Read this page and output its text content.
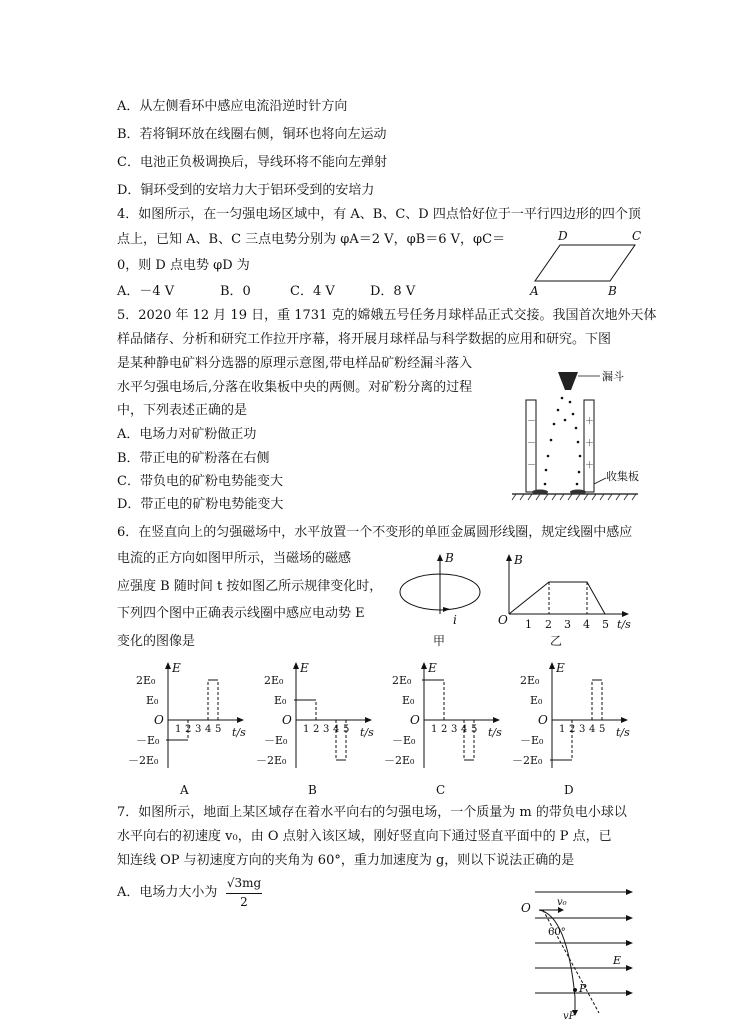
A．从左侧看环中感应电流沿逆时针方向
B．若将铜环放在线圈右侧，铜环也将向左运动
C．电池正负极调换后，导线环将不能向左弹射
D．铜环受到的安培力大于铝环受到的安培力
4．如图所示，在一匀强电场区域中，有 A、B、C、D 四点恰好位于一平行四边形的四个顶
点上，已知 A、B、C 三点电势分别为 φA＝2 V，φB＝6 V，φC＝
0，则 D 点电势 φD 为
A．－4 V	B．0	C．4 V	D．8 V
D	C
A	B
5．2020 年 12 月 19 日，重 1731 克的嫦娥五号任务月球样品正式交接。我国首次地外天体
样品储存、分析和研究工作拉开序幕，将开展月球样品与科学数据的应用和研究。下图
是某种静电矿料分选器的原理示意图,带电样品矿粉经漏斗落入
水平匀强电场后,分落在收集板中央的两侧。对矿粉分离的过程
中，下列表述正确的是
A．电场力对矿粉做正功
B．带正电的矿粉落在右侧
C．带负电的矿粉电势能变大
D．带正电的矿粉电势能变大
漏斗
－
－
－
＋
＋
＋
收集板
6．在竖直向上的匀强磁场中，水平放置一个不变形的单匝金属圆形线圈，规定线圈中感应
电流的正方向如图甲所示，当磁场的磁感
应强度 B 随时间 t 按如图乙所示规律变化时，
下列四个图中正确表示线圈中感应电动势 E
变化的图像是
B
i
甲
B
O 1 2 3 4 5 t/s
乙
E
2E₀
E₀
O
－E₀
－2E₀
1 2 3 4 5 t/s
A
E
2E₀
E₀
O
－E₀
－2E₀
1 2 3 4 5 t/s
B
E
2E₀
E₀
O
－E₀
－2E₀
1 2 3 4 5 t/s
C
E
2E₀
E₀
O
－E₀
－2E₀
1 2 3 4 5 t/s
D
7．如图所示，地面上某区域存在着水平向右的匀强电场，一个质量为 m 的带负电小球以
水平向右的初速度 v₀，由 O 点射入该区域，刚好竖直向下通过竖直平面中的 P 点，已
知连线 OP 与初速度方向的夹角为 60°，重力加速度为 g，则以下说法正确的是
A．电场力大小为
√3mg
2	O	v₀
60°
E
P
vP
